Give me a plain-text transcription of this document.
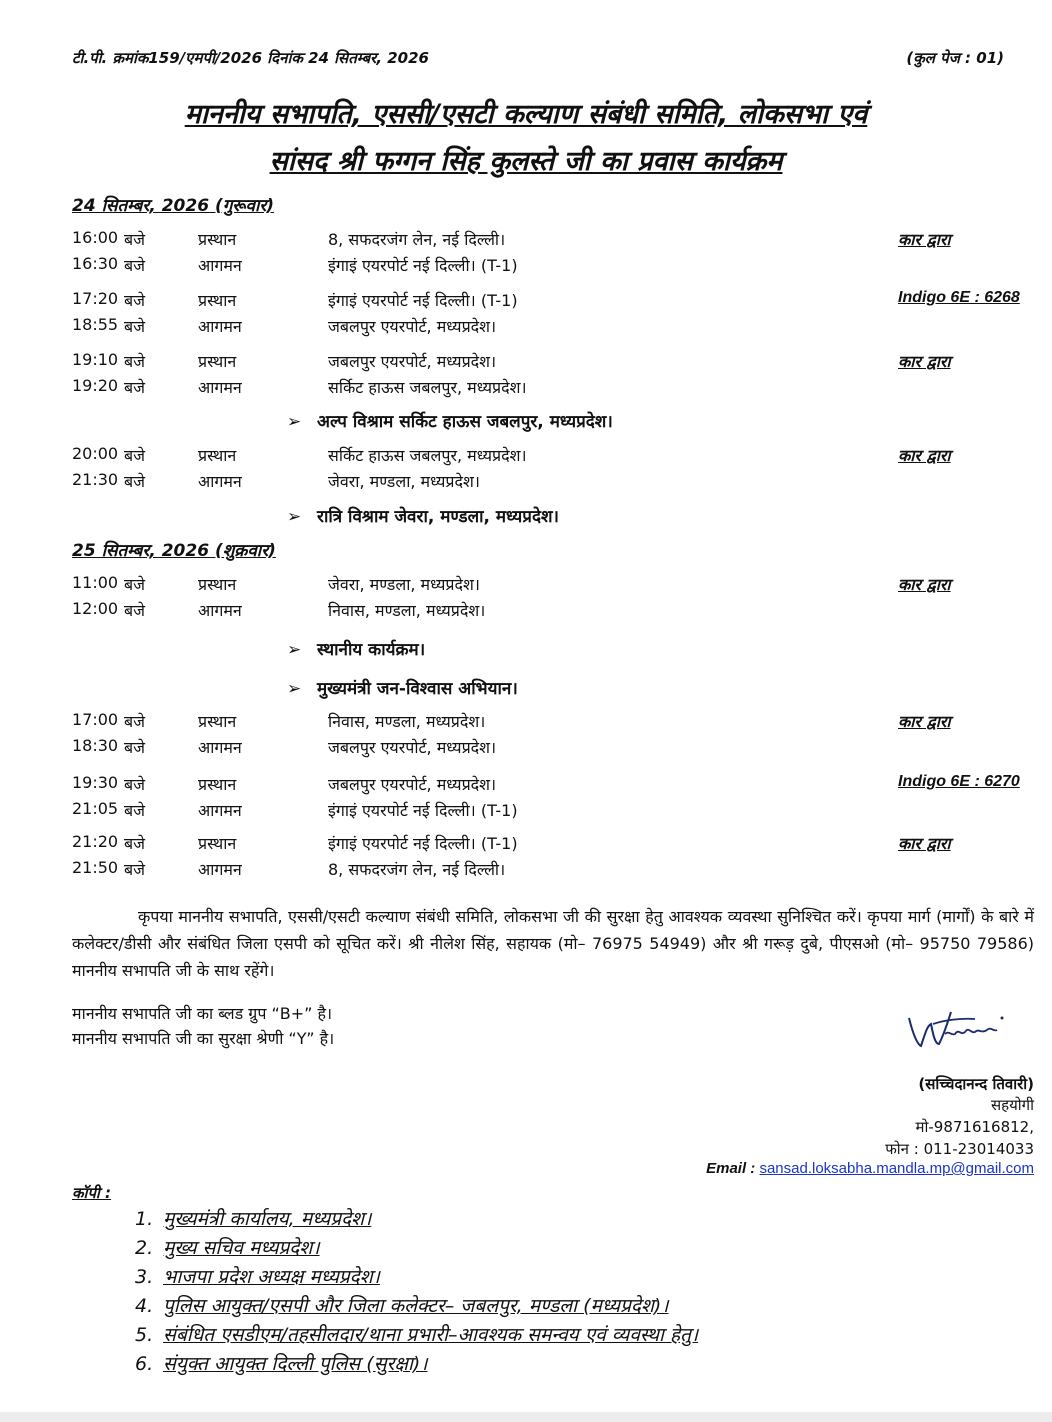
टी.पी. क्रमांक159/एमपी/2026 दिनांक 24 सितम्बर, 2026	(कुल पेज : 01)
माननीय सभापति, एससी/एसटी कल्याण संबंधी समिति, लोकसभा एवं
सांसद श्री फग्गन सिंह कुलस्ते जी का प्रवास कार्यक्रम
24 सितम्बर, 2026 (गुरूवार)
16:00 बजे	प्रस्थान	8, सफदरजंग लेन, नई दिल्ली।	कार द्वारा
16:30 बजे	आगमन	इंगाइं एयरपोर्ट नई दिल्ली। (T-1)
17:20 बजे	प्रस्थान	इंगाइं एयरपोर्ट नई दिल्ली। (T-1)	Indigo 6E : 6268
18:55 बजे	आगमन	जबलपुर एयरपोर्ट, मध्यप्रदेश।
19:10 बजे	प्रस्थान	जबलपुर एयरपोर्ट, मध्यप्रदेश।	कार द्वारा
19:20 बजे	आगमन	सर्किट हाऊस जबलपुर, मध्यप्रदेश।
➢ अल्प विश्राम सर्किट हाऊस जबलपुर, मध्यप्रदेश।
20:00 बजे	प्रस्थान	सर्किट हाऊस जबलपुर, मध्यप्रदेश।	कार द्वारा
21:30 बजे	आगमन	जेवरा, मण्डला, मध्यप्रदेश।
➢ रात्रि विश्राम जेवरा, मण्डला, मध्यप्रदेश।
25 सितम्बर, 2026 (शुक्रवार)
11:00 बजे	प्रस्थान	जेवरा, मण्डला, मध्यप्रदेश।	कार द्वारा
12:00 बजे	आगमन	निवास, मण्डला, मध्यप्रदेश।
➢ स्थानीय कार्यक्रम।
➢ मुख्यमंत्री जन-विश्वास अभियान।
17:00 बजे	प्रस्थान	निवास, मण्डला, मध्यप्रदेश।	कार द्वारा
18:30 बजे	आगमन	जबलपुर एयरपोर्ट, मध्यप्रदेश।
19:30 बजे	प्रस्थान	जबलपुर एयरपोर्ट, मध्यप्रदेश।	Indigo 6E : 6270
21:05 बजे	आगमन	इंगाइं एयरपोर्ट नई दिल्ली। (T-1)
21:20 बजे	प्रस्थान	इंगाइं एयरपोर्ट नई दिल्ली। (T-1)	कार द्वारा
21:50 बजे	आगमन	8, सफदरजंग लेन, नई दिल्ली।

कृपया माननीय सभापति, एससी/एसटी कल्याण संबंधी समिति, लोकसभा जी की सुरक्षा हेतु आवश्यक व्यवस्था सुनिश्चित करें। कृपया मार्ग (मार्गों) के बारे में कलेक्टर/डीसी और संबंधित जिला एसपी को सूचित करें। श्री नीलेश सिंह, सहायक (मो– 76975 54949) और श्री गरूड़ दुबे, पीएसओ (मो– 95750 79586) माननीय सभापति जी के साथ रहेंगे।

माननीय सभापति जी का ब्लड ग्रुप “B+” है।
माननीय सभापति जी का सुरक्षा श्रेणी “Y” है।
(सच्चिदानन्द तिवारी)
सहयोगी
मो-9871616812,
फोन : 011-23014033
Email : sansad.loksabha.mandla.mp@gmail.com
कॉपी :
1. मुख्यमंत्री कार्यालय, मध्यप्रदेश।
2. मुख्य सचिव मध्यप्रदेश।
3. भाजपा प्रदेश अध्यक्ष मध्यप्रदेश।
4. पुलिस आयुक्त/एसपी और जिला कलेक्टर– जबलपुर, मण्डला (मध्यप्रदेश)।
5. संबंधित एसडीएम/तहसीलदार/थाना प्रभारी–आवश्यक समन्वय एवं व्यवस्था हेतु।
6. संयुक्त आयुक्त दिल्ली पुलिस (सुरक्षा)।
